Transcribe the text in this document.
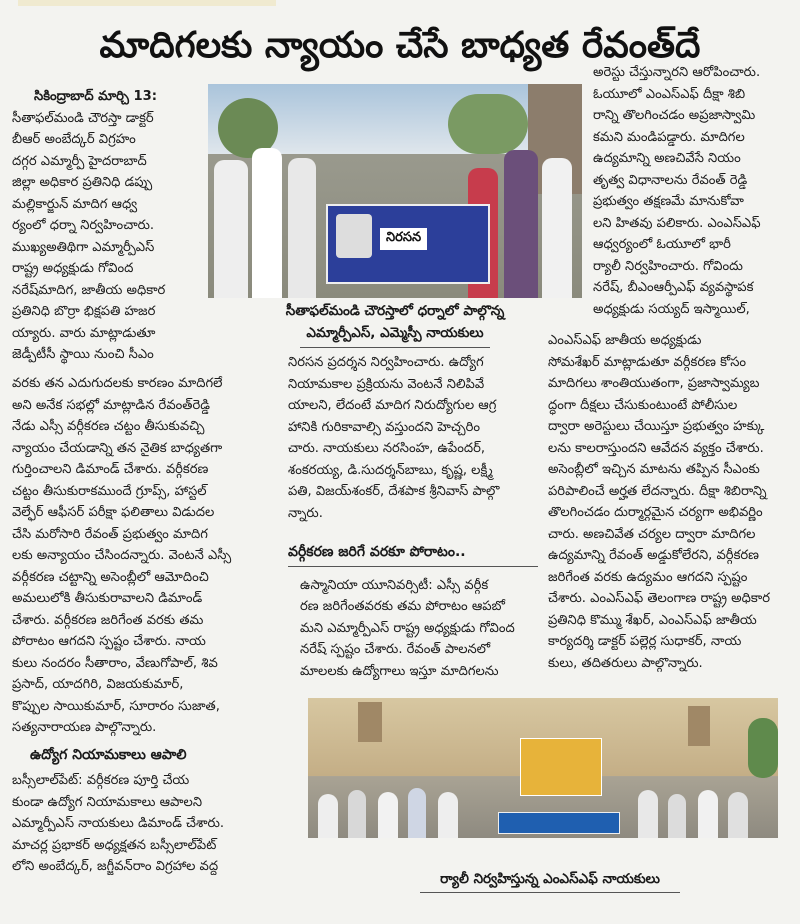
మాదిగలకు న్యాయం చేసే బాధ్యత రేవంత్‌దే
సికింద్రాబాద్ మార్చి 13:
సీతాఫల్‌మండి చౌరస్తా డాక్టర్
బీఆర్ అంబేద్కర్ విగ్రహం
దగ్గర ఎమ్మార్పీ హైదరాబాద్
జిల్లా అధికార ప్రతినిధి డప్పు
మల్లికార్జున్ మాదిగ ఆధ్వ
ర్యంలో ధర్నా నిర్వహించారు.
ముఖ్యఅతిథిగా ఎమ్మార్పీఎస్
రాష్ట్ర అధ్యక్షుడు గోవింద
నరేష్‌మాదిగ, జాతీయ అధికార
ప్రతినిధి బొర్రా భిక్షపతి హజర
య్యారు. వారు మాట్లాడుతూ
జెడ్పీటీసీ స్థాయి నుంచి సీఎం
వరకు తన ఎదుగుదలకు కారణం మాదిగలే
అని అనేక సభల్లో మాట్లాడిన రేవంత్‌రెడ్డి
నేడు ఎస్సీ వర్గీకరణ చట్టం తీసుకువచ్చి
న్యాయం చేయడాన్ని తన నైతిక బాధ్యతగా
గుర్తించాలని డిమాండ్ చేశారు. వర్గీకరణ
చట్టం తీసుకురాకముందే గ్రూప్స్, హాస్టల్
వెల్ఫేర్ ఆఫీసర్ పరీక్షా ఫలితాలు విడుదల
చేసి మరోసారి రేవంత్ ప్రభుత్వం మాదిగ
లకు అన్యాయం చేసిందన్నారు. వెంటనే ఎస్సీ
వర్గీకరణ చట్టాన్ని అసెంబ్లీలో ఆమోదించి
అమలులోకి తీసుకురావాలని డిమాండ్
చేశారు. వర్గీకరణ జరిగేంత వరకు తమ
పోరాటం ఆగదని స్పష్టం చేశారు. నాయ
కులు నందరం సీతారాం, వేణుగోపాల్, శివ
ప్రసాద్, యాదగిరి, విజయకుమార్,
కొప్పుల సాయికుమార్, సూరారం సుజాత,
సత్యనారాయణ పాల్గొన్నారు.
ఉద్యోగ నియామకాలు ఆపాలి
బస్సీలాల్‌పేట్: వర్గీకరణ పూర్తి చేయ
కుండా ఉద్యోగ నియామకాలు ఆపాలని
ఎమ్మార్పీఎస్ నాయకులు డిమాండ్ చేశారు.
మాచర్ల ప్రభాకర్ అధ్యక్షతన బస్సీలాల్‌పేట్
లోని అంబేద్కర్, జగ్జీవన్‌రాం విగ్రహాల వద్ద
నిరసన
సీతాఫల్‌మండి చౌరస్తాలో ధర్నాలో పాల్గొన్న
ఎమ్మార్పీఎస్, ఎమ్మెస్పీ నాయకులు
నిరసన ప్రదర్శన నిర్వహించారు. ఉద్యోగ
నియామకాల ప్రక్రియను వెంటనే నిలిపివే
యాలని, లేదంటే మాదిగ నిరుద్యోగుల ఆగ్ర
హానికి గురికావాల్సి వస్తుందని హెచ్చరిం
చారు. నాయకులు నరసింహ, ఉపేందర్,
శంకరయ్య, డి.సుదర్శన్‌బాబు, కృష్ణ, లక్ష్మీ
పతి, విజయ్‌శంకర్, దేశపాక శ్రీనివాస్ పాల్గొ
న్నారు.
వర్గీకరణ జరిగే వరకూ పోరాటం..
ఉస్మానియా యూనివర్సిటీ: ఎస్సీ వర్గీక
రణ జరిగేంతవరకు తమ పోరాటం ఆపబో
మని ఎమ్మార్పీఎస్ రాష్ట్ర అధ్యక్షుడు గోవింద
నరేష్ స్పష్టం చేశారు. రేవంత్ పాలనలో
మాలలకు ఉద్యోగాలు ఇస్తూ మాదిగలను
అరెస్టు చేస్తున్నారని ఆరోపించారు.
ఓయూలో ఎంఎస్ఎఫ్ దీక్షా శిబి
రాన్ని తొలగించడం అప్రజాస్వామి
కమని మండిపడ్డారు. మాదిగల
ఉద్యమాన్ని అణచివేసే నియం
తృత్వ విధానాలను రేవంత్ రెడ్డి
ప్రభుత్వం తక్షణమే మానుకోవా
లని హితవు పలికారు. ఎంఎస్ఎఫ్
ఆధ్వర్యంలో ఓయూలో భారీ
ర్యాలీ నిర్వహించారు. గోవిందు
నరేష్, బీఎంఆర్పీఎఫ్ వ్యవస్థాపక
అధ్యక్షుడు సయ్యద్ ఇస్మాయిల్,
ఎంఎస్ఎఫ్ జాతీయ అధ్యక్షుడు
సోమశేఖర్ మాట్లాడుతూ వర్గీకరణ కోసం
మాదిగలు శాంతియుతంగా, ప్రజాస్వామ్యబ
ద్ధంగా దీక్షలు చేసుకుంటుంటే పోలీసుల
ద్వారా అరెస్టులు చేయిస్తూ ప్రభుత్వం హక్కు
లను కాలరాస్తుందని ఆవేదన వ్యక్తం చేశారు.
అసెంబ్లీలో ఇచ్చిన మాటను తప్పిన సీఎంకు
పరిపాలించే అర్హత లేదన్నారు. దీక్షా శిబిరాన్ని
తొలగించడం దుర్మార్గమైన చర్యగా అభివర్ణిం
చారు. అణచివేత చర్యల ద్వారా మాదిగల
ఉద్యమాన్ని రేవంత్ అడ్డుకోలేరని, వర్గీకరణ
జరిగేంత వరకు ఉద్యమం ఆగదని స్పష్టం
చేశారు. ఎంఎస్ఎఫ్ తెలంగాణ రాష్ట్ర అధికార
ప్రతినిధి కొమ్ము శేఖర్, ఎంఎస్ఎఫ్ జాతీయ
కార్యదర్శి డాక్టర్ పల్లెర్ల సుధాకర్, నాయ
కులు, తదితరులు పాల్గొన్నారు.
ర్యాలీ నిర్వహిస్తున్న ఎంఎస్ఎఫ్ నాయకులు
